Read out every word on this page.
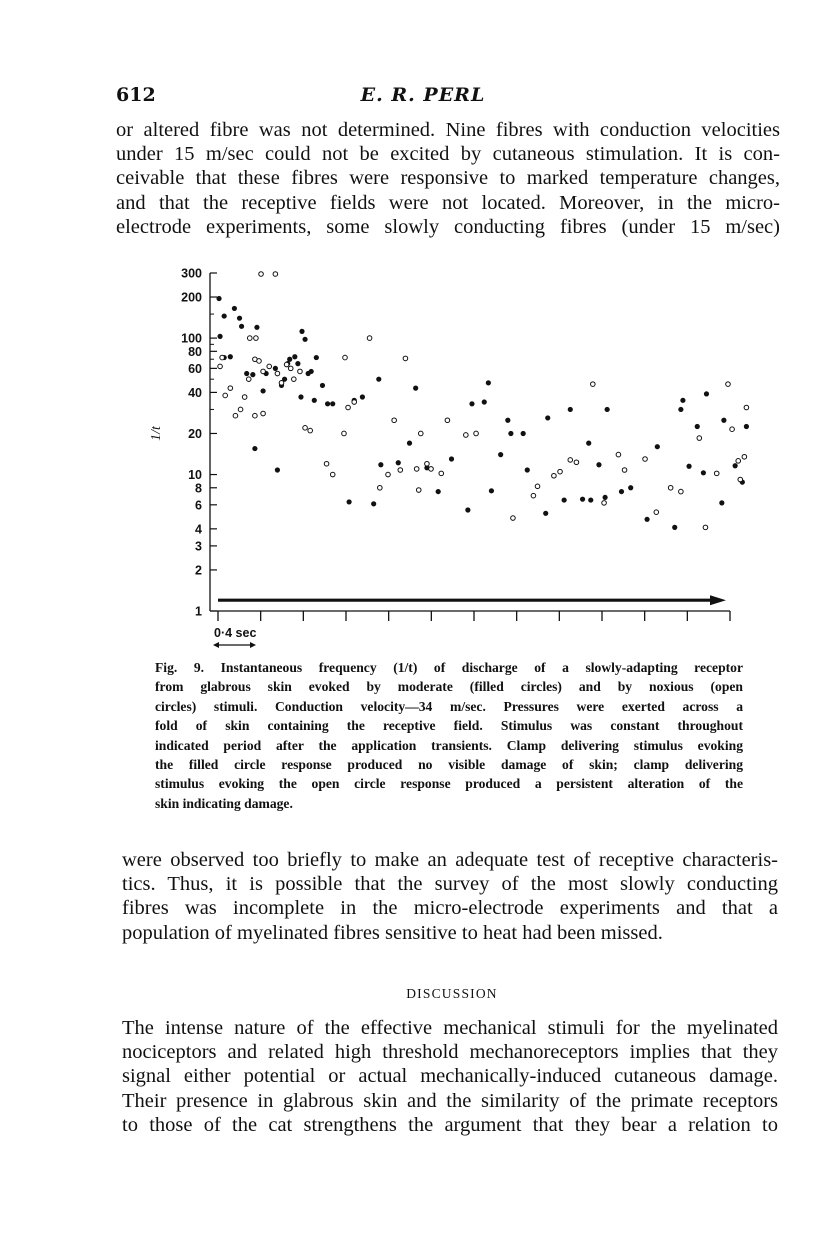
612	E. R. PERL

or altered fibre was not determined. Nine fibres with conduction velocities
under 15 m/sec could not be excited by cutaneous stimulation. It is con-
ceivable that these fibres were responsive to marked temperature changes,
and that the receptive fields were not located. Moreover, in the micro-
electrode experiments, some slowly conducting fibres (under 15 m/sec)

1
2
3
4
6
8
10
20
40
60
80
100
200
300
1/t
0·4 sec

Fig. 9. Instantaneous frequency (1/t) of discharge of a slowly-adapting receptor
from glabrous skin evoked by moderate (filled circles) and by noxious (open
circles) stimuli. Conduction velocity—34 m/sec. Pressures were exerted across a
fold of skin containing the receptive field. Stimulus was constant throughout
indicated period after the application transients. Clamp delivering stimulus evoking
the filled circle response produced no visible damage of skin; clamp delivering
stimulus evoking the open circle response produced a persistent alteration of the
skin indicating damage.

were observed too briefly to make an adequate test of receptive characteris-
tics. Thus, it is possible that the survey of the most slowly conducting
fibres was incomplete in the micro-electrode experiments and that a
population of myelinated fibres sensitive to heat had been missed.

DISCUSSION

The intense nature of the effective mechanical stimuli for the myelinated
nociceptors and related high threshold mechanoreceptors implies that they
signal either potential or actual mechanically-induced cutaneous damage.
Their presence in glabrous skin and the similarity of the primate receptors
to those of the cat strengthens the argument that they bear a relation to
